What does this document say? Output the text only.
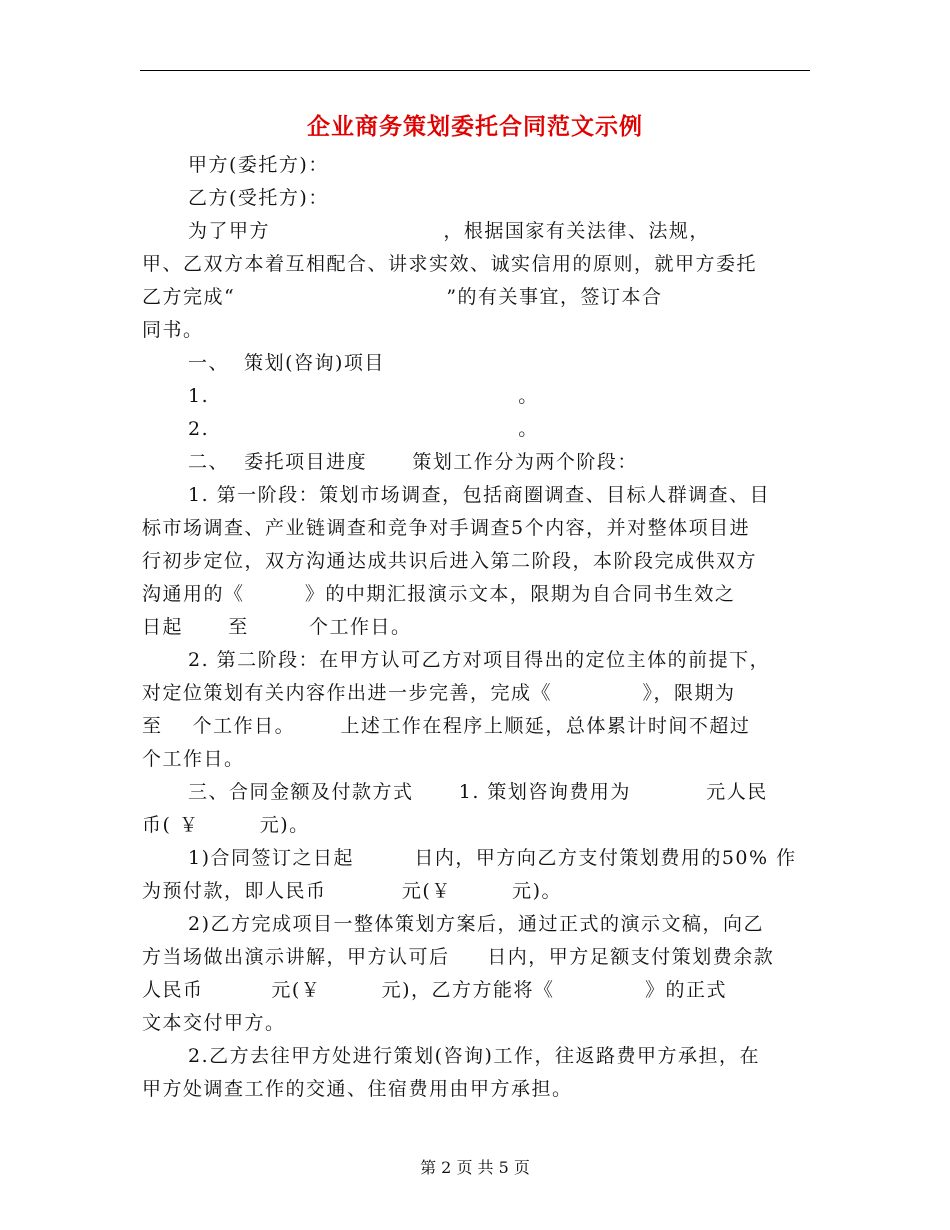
企业商务策划委托合同范文示例
甲方(委托方)：
乙方(受托方)：
为了甲方                       ，根据国家有关法律、法规，
甲、乙双方本着互相配合、讲求实效、诚实信用的原则，就甲方委托
乙方完成“                            ”的有关事宜，签订本合
同书。
一、  策划(咨询)项目
1.                                         。
2.                                         。
二、  委托项目进度      策划工作分为两个阶段：
1. 第一阶段：策划市场调查，包括商圈调查、目标人群调查、目
标市场调查、产业链调查和竞争对手调查5个内容，并对整体项目进
行初步定位，双方沟通达成共识后进入第二阶段，本阶段完成供双方
沟通用的《        》的中期汇报演示文本，限期为自合同书生效之
日起      至        个工作日。
2. 第二阶段：在甲方认可乙方对项目得出的定位主体的前提下，
对定位策划有关内容作出进一步完善，完成《            》，限期为
至    个工作日。      上述工作在程序上顺延，总体累计时间不超过
个工作日。
三、合同金额及付款方式      1. 策划咨询费用为          元人民
币( ￥        元)。
1)合同签订之日起        日内，甲方向乙方支付策划费用的50% 作
为预付款，即人民币          元(￥        元)。
2)乙方完成项目一整体策划方案后，通过正式的演示文稿，向乙
方当场做出演示讲解，甲方认可后     日内，甲方足额支付策划费余款
人民币         元(￥        元)，乙方方能将《            》的正式
文本交付甲方。
2.乙方去往甲方处进行策划(咨询)工作，往返路费甲方承担，在
甲方处调查工作的交通、住宿费用由甲方承担。
第 2 页 共 5 页
